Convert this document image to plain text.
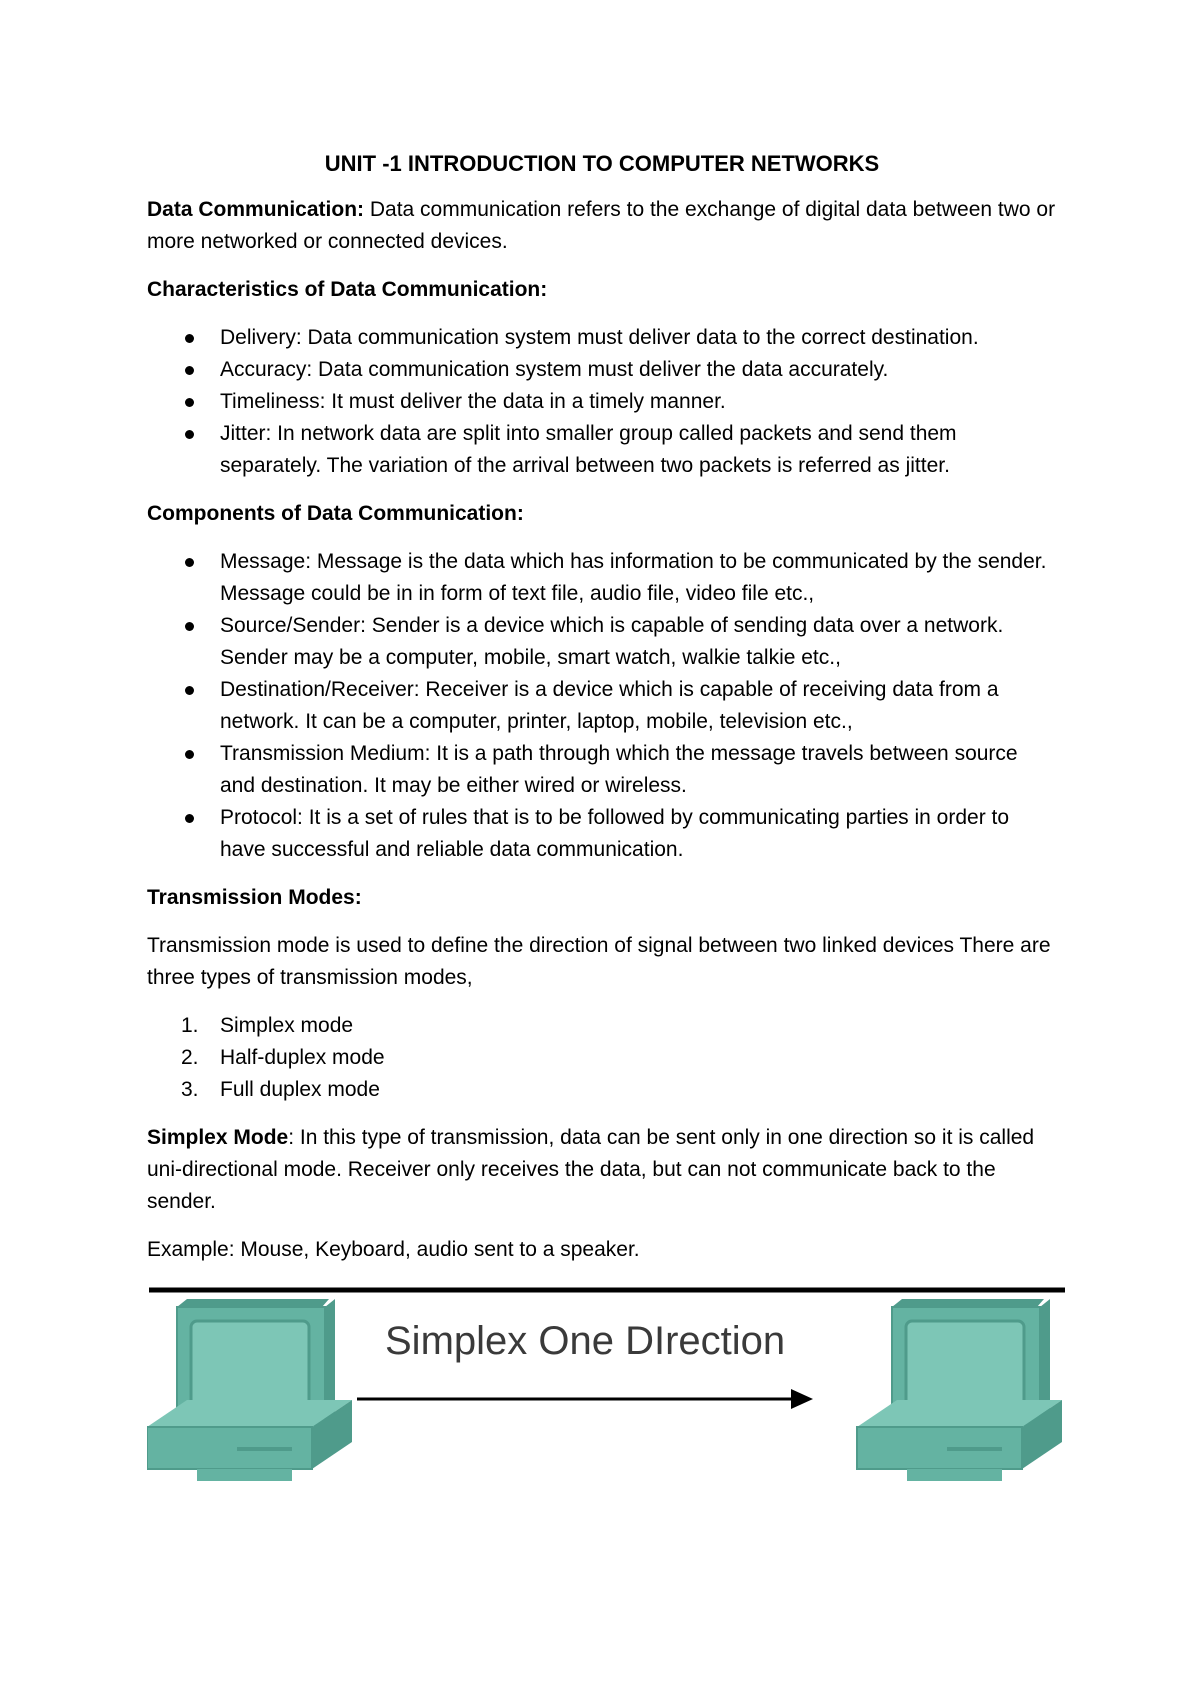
UNIT -1 INTRODUCTION TO COMPUTER NETWORKS

Data Communication: Data communication refers to the exchange of digital data between two or more networked or connected devices.

Characteristics of Data Communication:

Delivery: Data communication system must deliver data to the correct destination.
Accuracy: Data communication system must deliver the data accurately.
Timeliness: It must deliver the data in a timely manner.
Jitter: In network data are split into smaller group called packets and send them separately. The variation of the arrival between two packets is referred as jitter.

Components of Data Communication:

Message: Message is the data which has information to be communicated by the sender. Message could be in in form of text file, audio file, video file etc.,
Source/Sender: Sender is a device which is capable of sending data over a network. Sender may be a computer, mobile, smart watch, walkie talkie etc.,
Destination/Receiver: Receiver is a device which is capable of receiving data from a network. It can be a computer, printer, laptop, mobile, television etc.,
Transmission Medium: It is a path through which the message travels between source and destination. It may be either wired or wireless.
Protocol: It is a set of rules that is to be followed by communicating parties in order to have successful and reliable data communication.

Transmission Modes:

Transmission mode is used to define the direction of signal between two linked devices There are three types of transmission modes,

1. Simplex mode
2. Half-duplex mode
3. Full duplex mode

Simplex Mode: In this type of transmission, data can be sent only in one direction so it is called uni-directional mode. Receiver only receives the data, but can not communicate back to the sender.

Example: Mouse, Keyboard, audio sent to a speaker.

Simplex One DIrection
